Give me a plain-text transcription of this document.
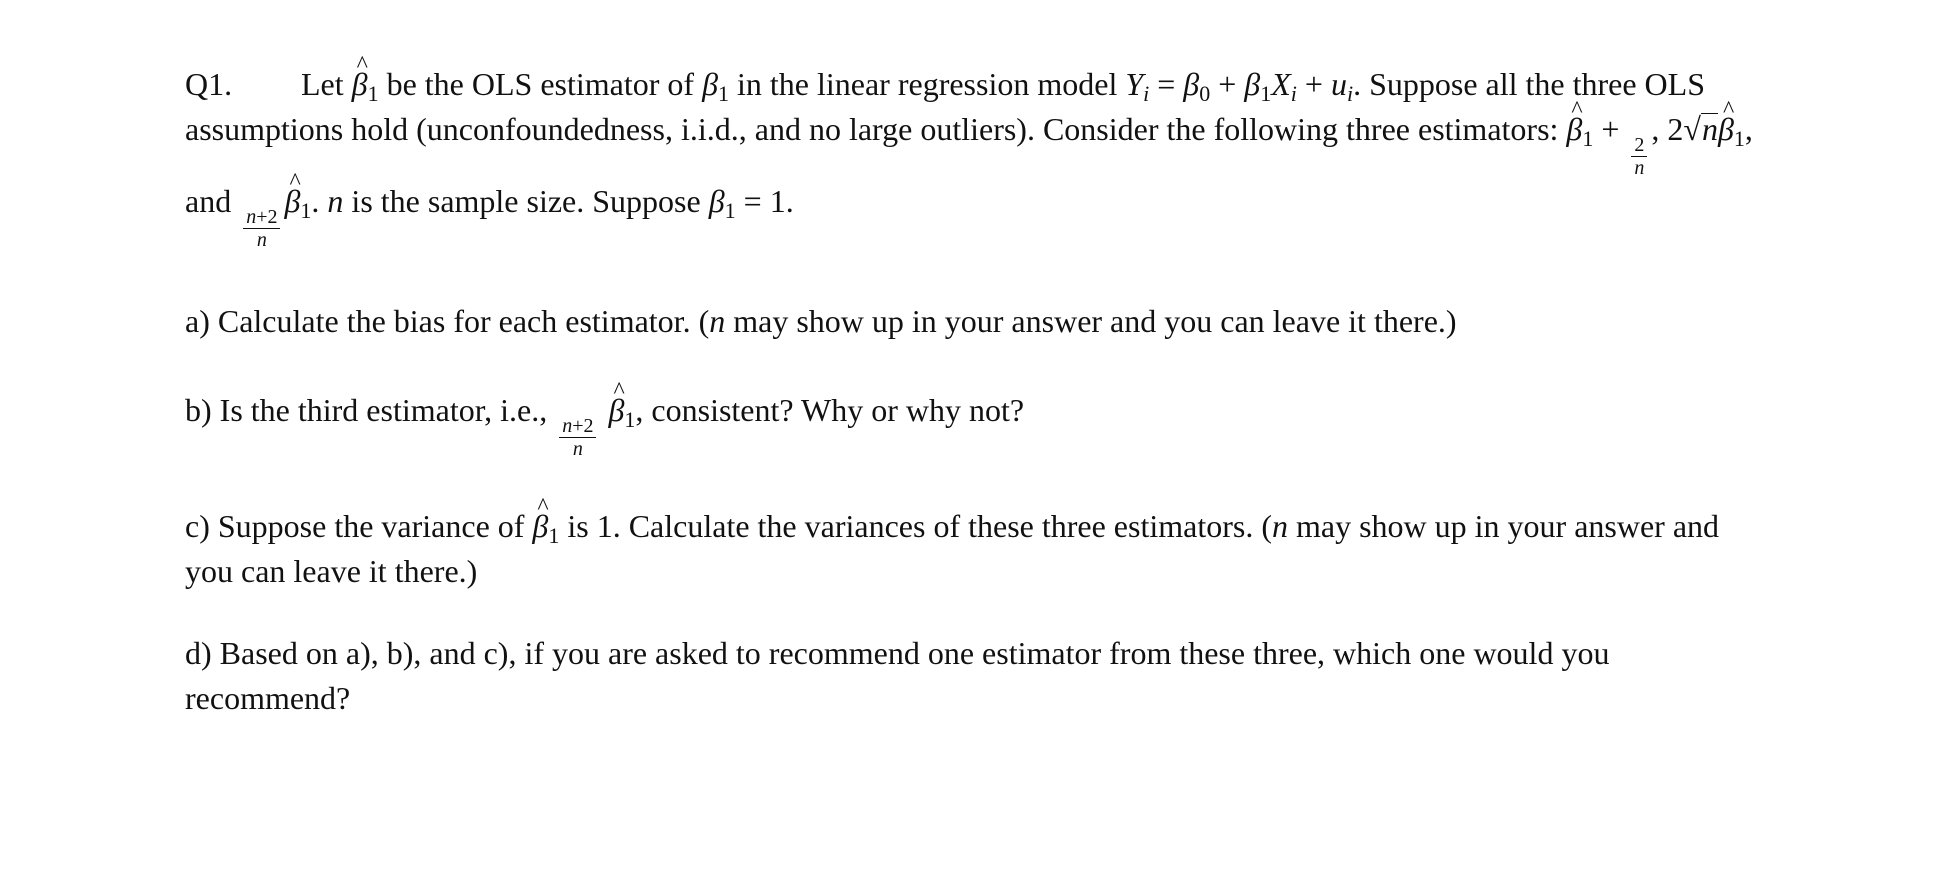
Q1. Let ^ $\beta_1$ be the OLS estimator of $\beta_1$ in the linear regression model $Y_i = \beta_0 + \beta_1X_i + u_i$. Suppose all the three OLS assumptions hold (unconfoundedness, i.i.d., and no large outliers). Consider the following three estimators: ^ $\beta_1$ +
$\frac{2}{n}$
, 2√n^ $\beta_1$, and
$\frac{n+2}{n}$
^ $\beta_1$. n is the sample size. Suppose $\beta_1 = 1$.

a) Calculate the bias for each estimator. (n may show up in your answer and you can leave it there.)

b) Is the third estimator, i.e.,
$\frac{n+2}{n}$
^ $\beta_1$, consistent? Why or why not?

c) Suppose the variance of ^ $\beta_1$ is 1. Calculate the variances of these three estimators. (n may show up in your answer and you can leave it there.)

d) Based on a), b), and c), if you are asked to recommend one estimator from these three, which one would you recommend?
